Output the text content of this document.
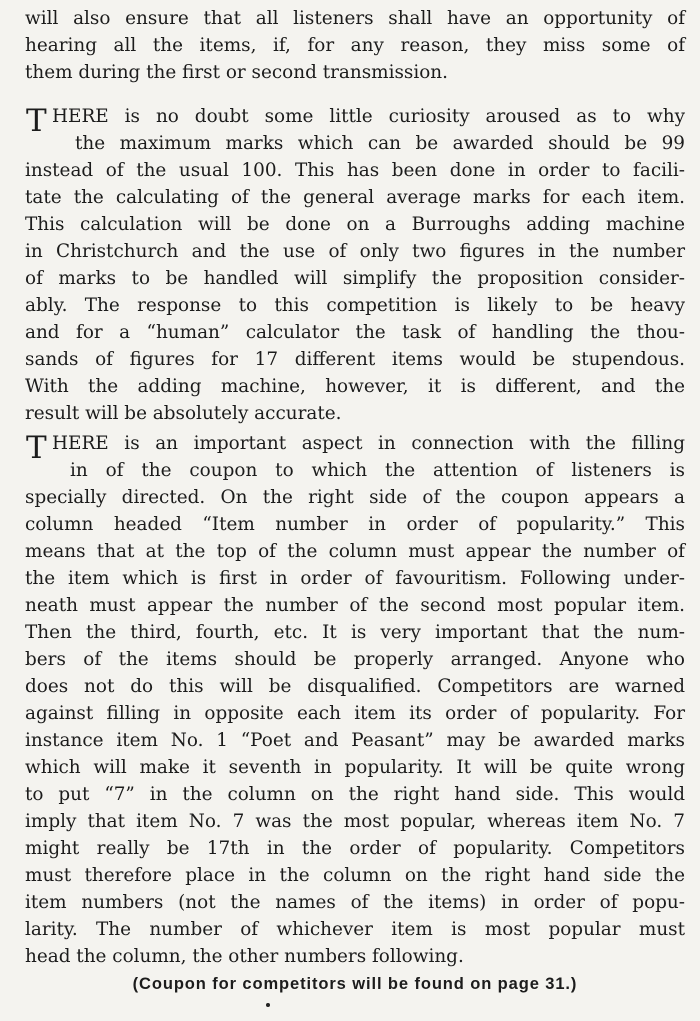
will also ensure that all listeners shall have an opportunity of
hearing all the items, if, for any reason, they miss some of
them during the first or second transmission.
T HERE is no doubt some little curiosity aroused as to why
the maximum marks which can be awarded should be 99
instead of the usual 100. This has been done in order to facili-
tate the calculating of the general average marks for each item.
This calculation will be done on a Burroughs adding machine
in Christchurch and the use of only two figures in the number
of marks to be handled will simplify the proposition consider-
ably. The response to this competition is likely to be heavy
and for a “human” calculator the task of handling the thou-
sands of figures for 17 different items would be stupendous.
With the adding machine, however, it is different, and the
result will be absolutely accurate.
T HERE is an important aspect in connection with the filling
in of the coupon to which the attention of listeners is
specially directed. On the right side of the coupon appears a
column headed “Item number in order of popularity.” This
means that at the top of the column must appear the number of
the item which is first in order of favouritism. Following under-
neath must appear the number of the second most popular item.
Then the third, fourth, etc. It is very important that the num-
bers of the items should be properly arranged. Anyone who
does not do this will be disqualified. Competitors are warned
against filling in opposite each item its order of popularity. For
instance item No. 1 “Poet and Peasant” may be awarded marks
which will make it seventh in popularity. It will be quite wrong
to put “7” in the column on the right hand side. This would
imply that item No. 7 was the most popular, whereas item No. 7
might really be 17th in the order of popularity. Competitors
must therefore place in the column on the right hand side the
item numbers (not the names of the items) in order of popu-
larity. The number of whichever item is most popular must
head the column, the other numbers following.
(Coupon for competitors will be found on page 31.)
